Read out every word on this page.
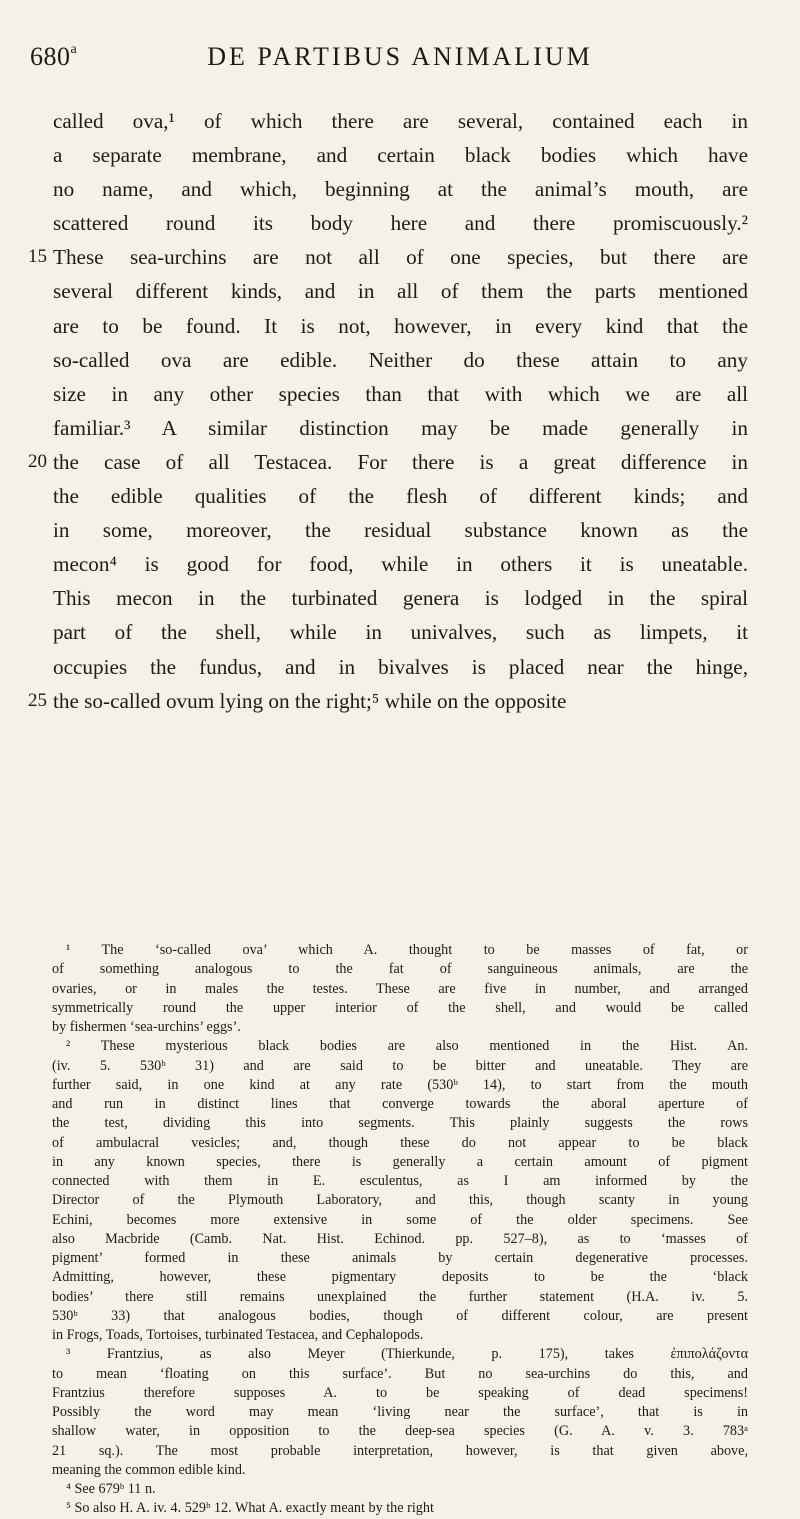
680$^a$	DE PARTIBUS ANIMALIUM
called ova,¹ of which there are several, contained each in
a separate membrane, and certain black bodies which have
no name, and which, beginning at the animal’s mouth, are
scattered round its body here and there promiscuously.²
15 These sea-urchins are not all of one species, but there are
several different kinds, and in all of them the parts mentioned
are to be found. It is not, however, in every kind that the
so-called ova are edible. Neither do these attain to any
size in any other species than that with which we are all
familiar.³ A similar distinction may be made generally in
20 the case of all Testacea. For there is a great difference in
the edible qualities of the flesh of different kinds; and
in some, moreover, the residual substance known as the
mecon⁴ is good for food, while in others it is uneatable.
This mecon in the turbinated genera is lodged in the spiral
part of the shell, while in univalves, such as limpets, it
occupies the fundus, and in bivalves is placed near the hinge,
25 the so-called ovum lying on the right;⁵ while on the opposite
¹ The ‘so-called ova’ which A. thought to be masses of fat, or
of something analogous to the fat of sanguineous animals, are the
ovaries, or in males the testes. These are five in number, and arranged
symmetrically round the upper interior of the shell, and would be called
by fishermen ‘sea-urchins’ eggs’.
² These mysterious black bodies are also mentioned in the Hist. An.
(iv. 5. 530ᵇ 31) and are said to be bitter and uneatable. They are
further said, in one kind at any rate (530ᵇ 14), to start from the mouth
and run in distinct lines that converge towards the aboral aperture of
the test, dividing this into segments. This plainly suggests the rows
of ambulacral vesicles; and, though these do not appear to be black
in any known species, there is generally a certain amount of pigment
connected with them in E. esculentus, as I am informed by the
Director of the Plymouth Laboratory, and this, though scanty in young
Echini, becomes more extensive in some of the older specimens. See
also Macbride (Camb. Nat. Hist. Echinod. pp. 527–8), as to ‘masses of
pigment’ formed in these animals by certain degenerative processes.
Admitting, however, these pigmentary deposits to be the ‘black
bodies’ there still remains unexplained the further statement (H.A. iv. 5.
530ᵇ 33) that analogous bodies, though of different colour, are present
in Frogs, Toads, Tortoises, turbinated Testacea, and Cephalopods.
³ Frantzius, as also Meyer (Thierkunde, p. 175), takes ἐπιπολάζοντα
to mean ‘floating on this surface’. But no sea-urchins do this, and
Frantzius therefore supposes A. to be speaking of dead specimens!
Possibly the word may mean ‘living near the surface’, that is in
shallow water, in opposition to the deep-sea species (G. A. v. 3. 783ᵃ
21 sq.). The most probable interpretation, however, is that given above,
meaning the common edible kind.
⁴ See 679ᵇ 11 n.
⁵ So also H. A. iv. 4. 529ᵇ 12. What A. exactly meant by the right
